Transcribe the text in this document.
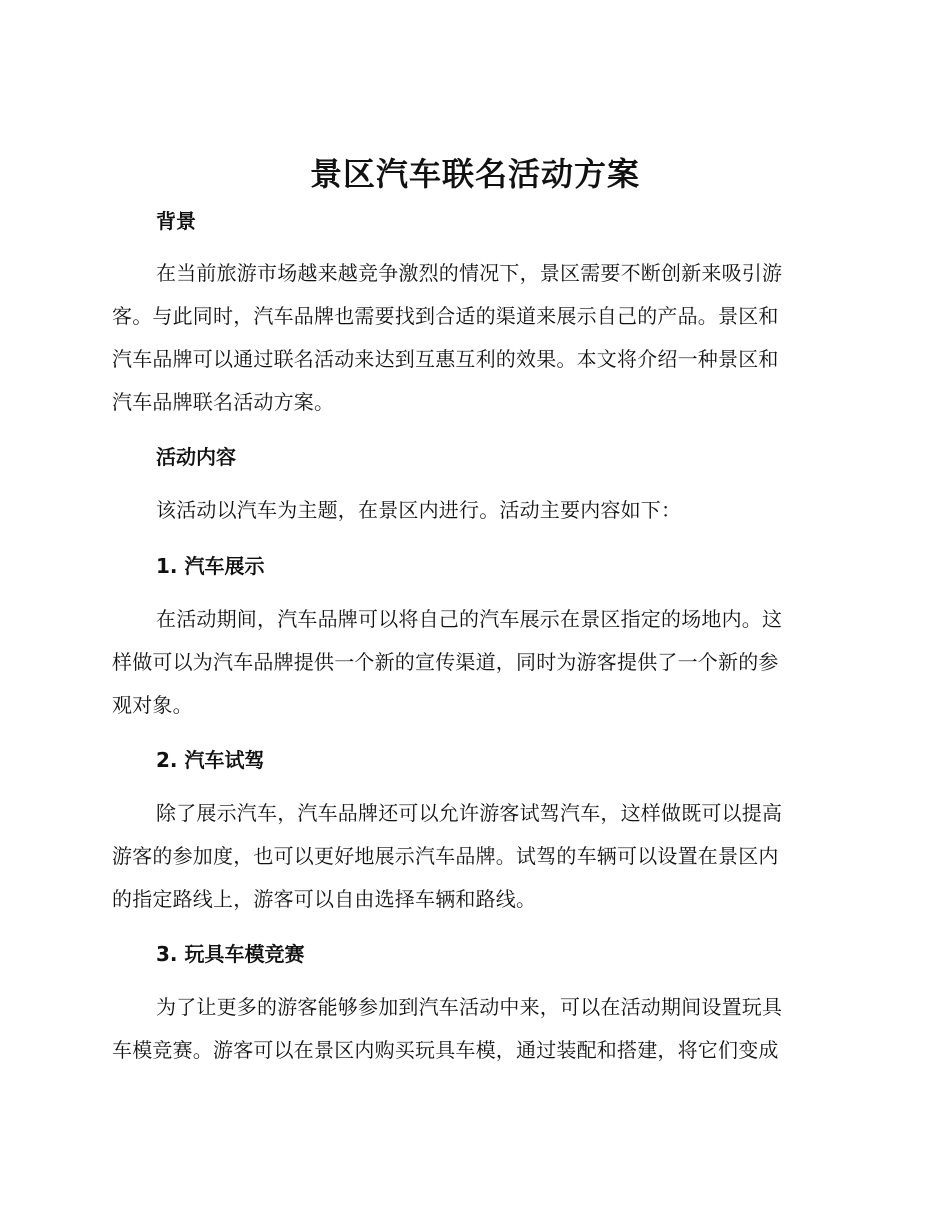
景区汽车联名活动方案
背景
在当前旅游市场越来越竞争激烈的情况下，景区需要不断创新来吸引游
客。与此同时，汽车品牌也需要找到合适的渠道来展示自己的产品。景区和
汽车品牌可以通过联名活动来达到互惠互利的效果。本文将介绍一种景区和
汽车品牌联名活动方案。
活动内容
该活动以汽车为主题，在景区内进行。活动主要内容如下：
1. 汽车展示
在活动期间，汽车品牌可以将自己的汽车展示在景区指定的场地内。这
样做可以为汽车品牌提供一个新的宣传渠道，同时为游客提供了一个新的参
观对象。
2. 汽车试驾
除了展示汽车，汽车品牌还可以允许游客试驾汽车，这样做既可以提高
游客的参加度，也可以更好地展示汽车品牌。试驾的车辆可以设置在景区内
的指定路线上，游客可以自由选择车辆和路线。
3. 玩具车模竞赛
为了让更多的游客能够参加到汽车活动中来，可以在活动期间设置玩具
车模竞赛。游客可以在景区内购买玩具车模，通过装配和搭建，将它们变成
